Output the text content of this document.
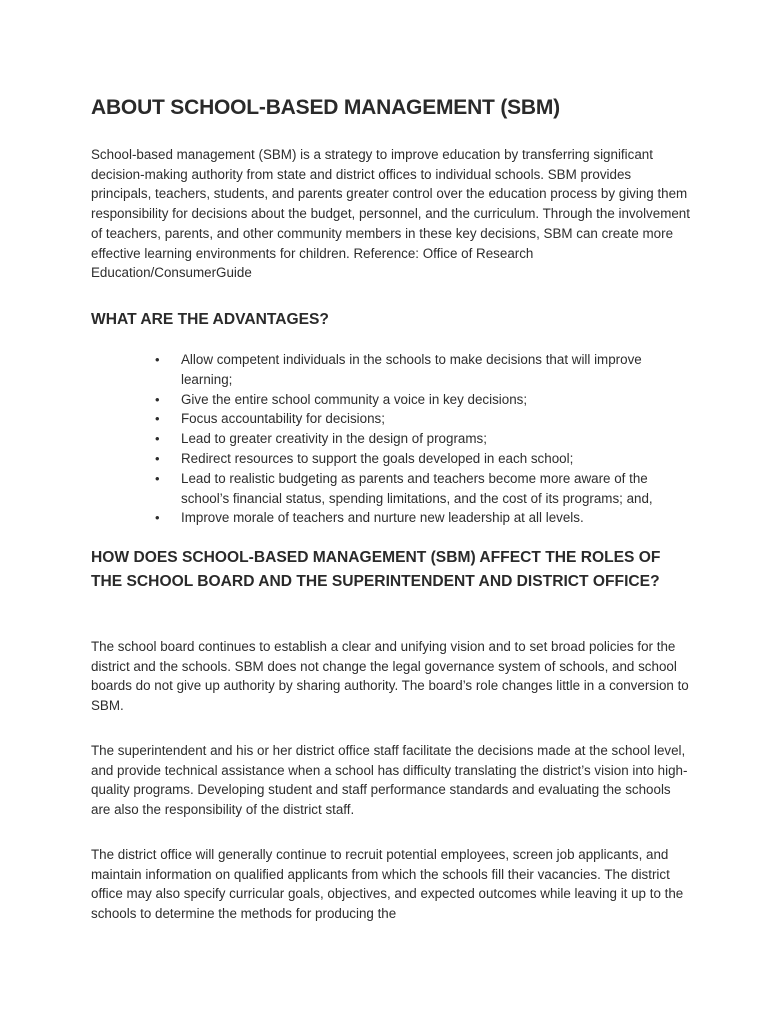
ABOUT SCHOOL-BASED MANAGEMENT (SBM)

School-based management (SBM) is a strategy to improve education by transferring significant decision-making authority from state and district offices to individual schools. SBM provides principals, teachers, students, and parents greater control over the education process by giving them responsibility for decisions about the budget, personnel, and the curriculum. Through the involvement of teachers, parents, and other community members in these key decisions, SBM can create more effective learning environments for children. Reference: Office of Research Education/ConsumerGuide

WHAT ARE THE ADVANTAGES?
• Allow competent individuals in the schools to make decisions that will improve learning;
• Give the entire school community a voice in key decisions;
• Focus accountability for decisions;
• Lead to greater creativity in the design of programs;
• Redirect resources to support the goals developed in each school;
• Lead to realistic budgeting as parents and teachers become more aware of the school’s financial status, spending limitations, and the cost of its programs; and,
• Improve morale of teachers and nurture new leadership at all levels.
HOW DOES SCHOOL-BASED MANAGEMENT (SBM) AFFECT THE ROLES OF THE SCHOOL BOARD AND THE SUPERINTENDENT AND DISTRICT OFFICE?

The school board continues to establish a clear and unifying vision and to set broad policies for the district and the schools. SBM does not change the legal governance system of schools, and school boards do not give up authority by sharing authority. The board’s role changes little in a conversion to SBM.

The superintendent and his or her district office staff facilitate the decisions made at the school level, and provide technical assistance when a school has difficulty translating the district’s vision into high-quality programs. Developing student and staff performance standards and evaluating the schools are also the responsibility of the district staff.

The district office will generally continue to recruit potential employees, screen job applicants, and maintain information on qualified applicants from which the schools fill their vacancies. The district office may also specify curricular goals, objectives, and expected outcomes while leaving it up to the schools to determine the methods for producing the
